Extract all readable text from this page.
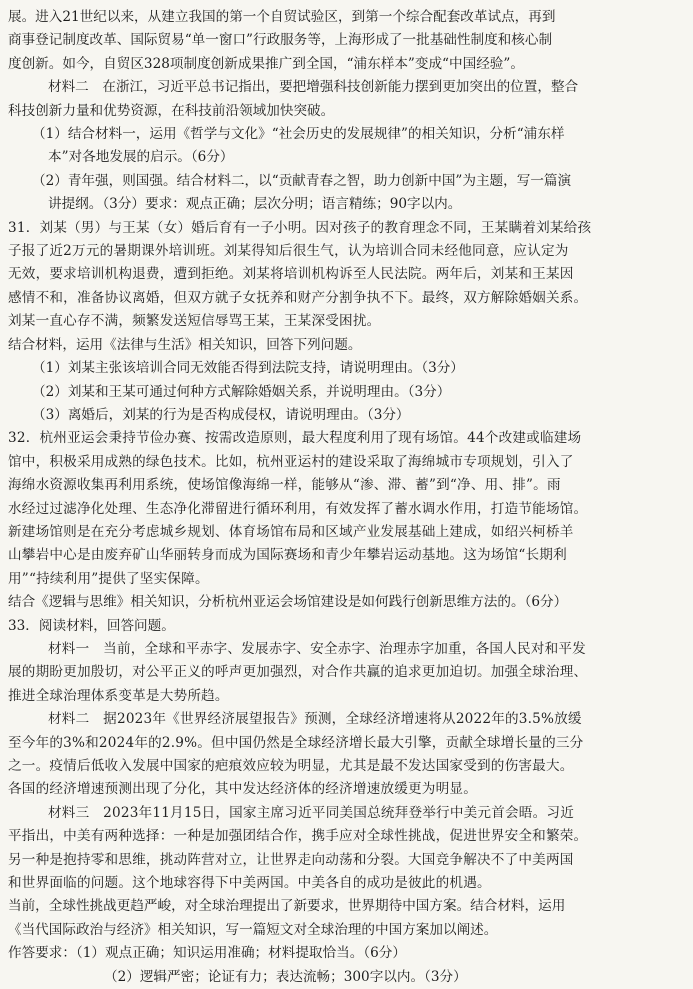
展。进入21世纪以来，从建立我国的第一个自贸试验区，到第一个综合配套改革试点，再到
商事登记制度改革、国际贸易“单一窗口”行政服务等，上海形成了一批基础性制度和核心制
度创新。如今，自贸区328项制度创新成果推广到全国，“浦东样本”变成“中国经验”。
材料二　在浙江，习近平总书记指出，要把增强科技创新能力摆到更加突出的位置，整合
科技创新力量和优势资源，在科技前沿领域加快突破。
（1）结合材料一，运用《哲学与文化》“社会历史的发展规律”的相关知识，分析“浦东样
本”对各地发展的启示。（6分）
（2）青年强，则国强。结合材料二，以“贡献青春之智，助力创新中国”为主题，写一篇演
讲提纲。（3分）要求：观点正确；层次分明；语言精练；90字以内。
31．刘某（男）与王某（女）婚后育有一子小明。因对孩子的教育理念不同，王某瞒着刘某给孩
子报了近2万元的暑期课外培训班。刘某得知后很生气，认为培训合同未经他同意，应认定为
无效，要求培训机构退费，遭到拒绝。刘某将培训机构诉至人民法院。两年后，刘某和王某因
感情不和，准备协议离婚，但双方就子女抚养和财产分割争执不下。最终，双方解除婚姻关系。
刘某一直心存不满，频繁发送短信辱骂王某，王某深受困扰。
结合材料，运用《法律与生活》相关知识，回答下列问题。
（1）刘某主张该培训合同无效能否得到法院支持，请说明理由。（3分）
（2）刘某和王某可通过何种方式解除婚姻关系，并说明理由。（3分）
（3）离婚后，刘某的行为是否构成侵权，请说明理由。（3分）
32．杭州亚运会秉持节俭办赛、按需改造原则，最大程度利用了现有场馆。44个改建或临建场
馆中，积极采用成熟的绿色技术。比如，杭州亚运村的建设采取了海绵城市专项规划，引入了
海绵水资源收集再利用系统，使场馆像海绵一样，能够从“渗、滞、蓄”到“净、用、排”。雨
水经过过滤净化处理、生态净化滞留进行循环利用，有效发挥了蓄水调水作用，打造节能场馆。
新建场馆则是在充分考虑城乡规划、体育场馆布局和区域产业发展基础上建成，如绍兴柯桥羊
山攀岩中心是由废弃矿山华丽转身而成为国际赛场和青少年攀岩运动基地。这为场馆“长期利
用”“持续利用”提供了坚实保障。
结合《逻辑与思维》相关知识，分析杭州亚运会场馆建设是如何践行创新思维方法的。（6分）
33．阅读材料，回答问题。
材料一　当前，全球和平赤字、发展赤字、安全赤字、治理赤字加重，各国人民对和平发
展的期盼更加殷切，对公平正义的呼声更加强烈，对合作共赢的追求更加迫切。加强全球治理、
推进全球治理体系变革是大势所趋。
材料二　据2023年《世界经济展望报告》预测，全球经济增速将从2022年的3.5%放缓
至今年的3%和2024年的2.9%。但中国仍然是全球经济增长最大引擎，贡献全球增长量的三分
之一。疫情后低收入发展中国家的疤痕效应较为明显，尤其是最不发达国家受到的伤害最大。
各国的经济增速预测出现了分化，其中发达经济体的经济增速放缓更为明显。
材料三　2023年11月15日，国家主席习近平同美国总统拜登举行中美元首会晤。习近
平指出，中美有两种选择：一种是加强团结合作，携手应对全球性挑战，促进世界安全和繁荣。
另一种是抱持零和思维，挑动阵营对立，让世界走向动荡和分裂。大国竞争解决不了中美两国
和世界面临的问题。这个地球容得下中美两国。中美各自的成功是彼此的机遇。
当前，全球性挑战更趋严峻，对全球治理提出了新要求，世界期待中国方案。结合材料，运用
《当代国际政治与经济》相关知识，写一篇短文对全球治理的中国方案加以阐述。
作答要求：（1）观点正确；知识运用准确；材料提取恰当。（6分）
（2）逻辑严密；论证有力；表达流畅；300字以内。（3分）
